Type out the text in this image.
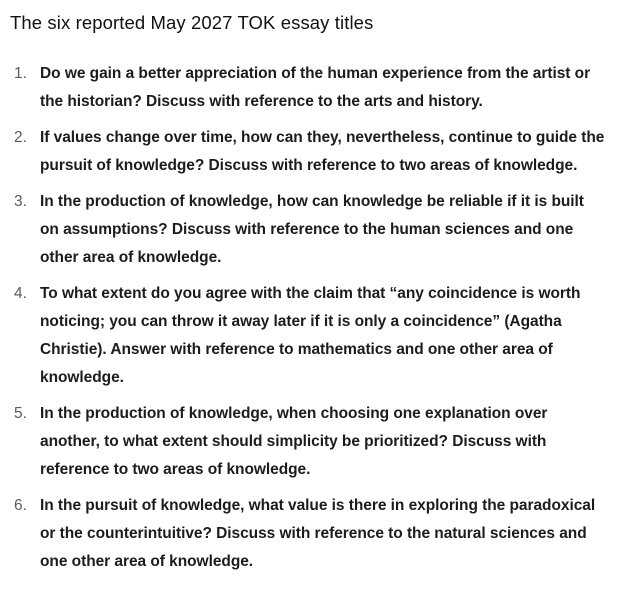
The six reported May 2027 TOK essay titles
1. Do we gain a better appreciation of the human experience from the artist or the historian? Discuss with reference to the arts and history.
2. If values change over time, how can they, nevertheless, continue to guide the pursuit of knowledge? Discuss with reference to two areas of knowledge.
3. In the production of knowledge, how can knowledge be reliable if it is built on assumptions? Discuss with reference to the human sciences and one other area of knowledge.
4. To what extent do you agree with the claim that “any coincidence is worth noticing; you can throw it away later if it is only a coincidence” (Agatha Christie). Answer with reference to mathematics and one other area of knowledge.
5. In the production of knowledge, when choosing one explanation over another, to what extent should simplicity be prioritized? Discuss with reference to two areas of knowledge.
6. In the pursuit of knowledge, what value is there in exploring the paradoxical or the counterintuitive? Discuss with reference to the natural sciences and one other area of knowledge.
